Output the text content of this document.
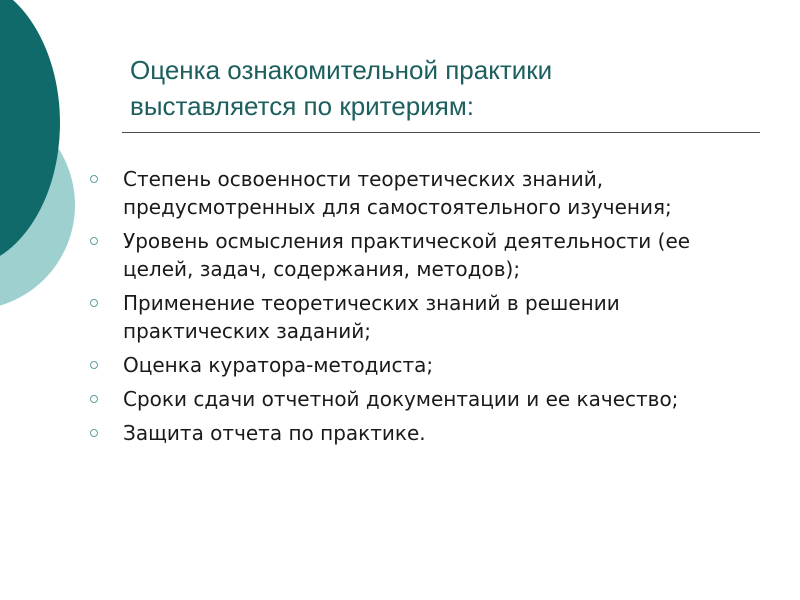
Оценка ознакомительной практики
выставляется по критериям:
Степень освоенности теоретических знаний, предусмотренных для самостоятельного изучения;
Уровень осмысления практической деятельности (ее целей, задач, содержания, методов);
Применение теоретических знаний в решении практических заданий;
Оценка куратора-методиста;
Сроки сдачи отчетной документации и ее качество;
Защита отчета по практике.
